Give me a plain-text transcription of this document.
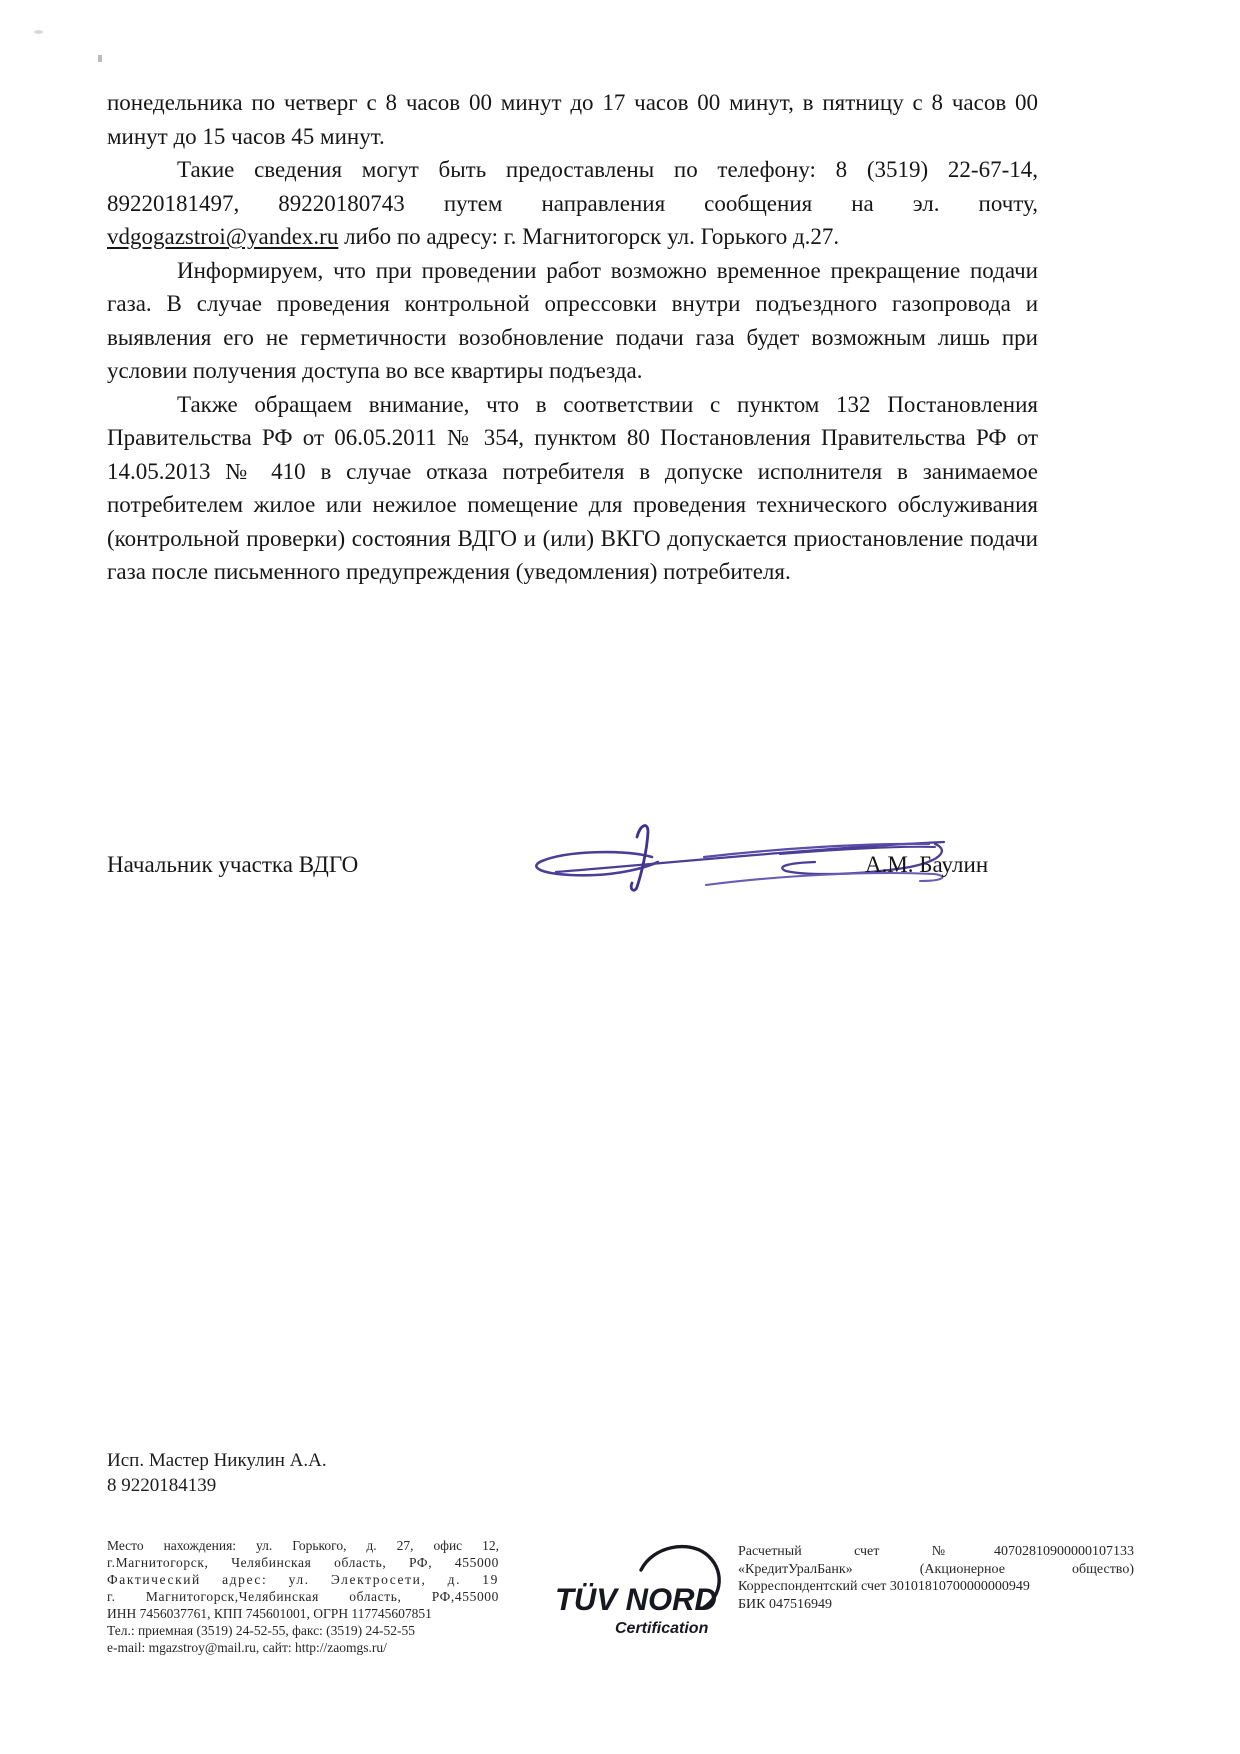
понедельника по четверг с 8 часов 00 минут до 17 часов 00 минут, в пятницу с 8 часов 00 минут до 15 часов 45 минут.

Такие сведения могут быть предоставлены по телефону: 8 (3519) 22-67-14, 89220181497, 89220180743 путем направления сообщения на эл. почту, vdgogazstroi@yandex.ru либо по адресу: г. Магнитогорск ул. Горького д.27.

Информируем, что при проведении работ возможно временное прекращение подачи газа. В случае проведения контрольной опрессовки внутри подъездного газопровода и выявления его не герметичности возобновление подачи газа будет возможным лишь при условии получения доступа во все квартиры подъезда.

Также обращаем внимание, что в соответствии с пунктом 132 Постановления Правительства РФ от 06.05.2011 № 354, пунктом 80 Постановления Правительства РФ от 14.05.2013 № 410 в случае отказа потребителя в допуске исполнителя в занимаемое потребителем жилое или нежилое помещение для проведения технического обслуживания (контрольной проверки) состояния ВДГО и (или) ВКГО допускается приостановление подачи газа после письменного предупреждения (уведомления) потребителя.

Начальник участка ВДГО	А.М. Баулин
Исп. Мастер Никулин А.А.
8 9220184139
Место нахождения: ул. Горького, д. 27, офис 12,
г.Магнитогорск, Челябинская область, РФ, 455000
Фактический адрес: ул. Электросети, д. 19
г. Магнитогорск,Челябинская область, РФ,455000
ИНН 7456037761, КПП 745601001, ОГРН 117745607851
Тел.: приемная (3519) 24-52-55, факс: (3519) 24-52-55
e-mail: mgazstroy@mail.ru, сайт: http://zaomgs.ru/
TÜV NORD
Certification
Расчетный счет №40702810900000107133
«КредитУралБанк» (Акционерное общество)
Корреспондентский счет 30101810700000000949
БИК 047516949
